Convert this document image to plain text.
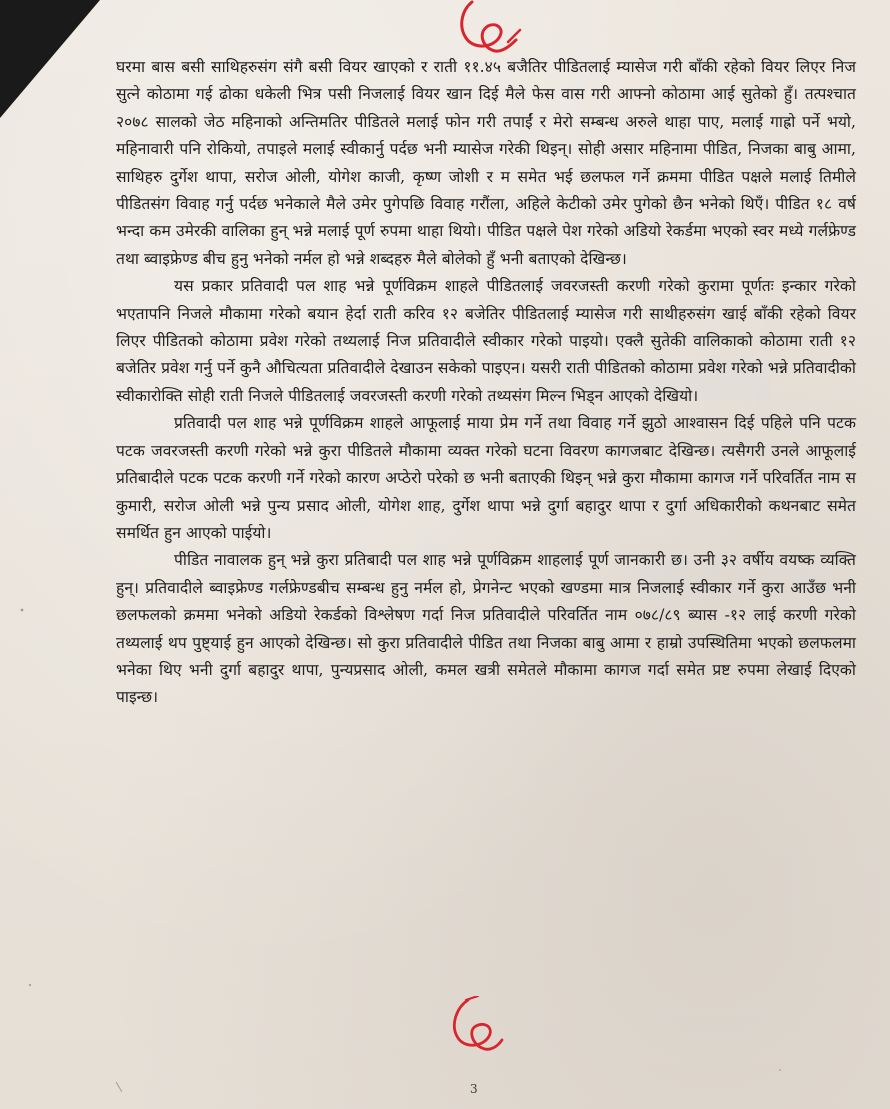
घरमा बास बसी साथिहरुसंग संगै बसी वियर खाएको र राती ११.४५ बजैतिर पीडितलाई म्यासेज गरी बाँकी रहेको वियर लिएर निज सुत्ने कोठामा गई ढोका धकेली भित्र पसी निजलाई वियर खान दिई मैले फेस वास गरी आफ्नो कोठामा आई सुतेको हुँ। तत्पश्चात २०७८ सालको जेठ महिनाको अन्तिमतिर पीडितले मलाई फोन गरी तपाईं र मेरो सम्बन्ध अरुले थाहा पाए, मलाई गाह्रो पर्ने भयो, महिनावारी पनि रोकियो, तपाइले मलाई स्वीकार्नु पर्दछ भनी म्यासेज गरेकी थिइन्। सोही असार महिनामा पीडित, निजका बाबु आमा, साथिहरु दुर्गेश थापा, सरोज ओली, योगेश काजी, कृष्ण जोशी र म समेत भई छलफल गर्ने क्रममा पीडित पक्षले मलाई तिमीले पीडितसंग विवाह गर्नु पर्दछ भनेकाले मैले उमेर पुगेपछि विवाह गरौंला, अहिले केटीको उमेर पुगेको छैन भनेको थिएँ। पीडित १८ वर्ष भन्दा कम उमेरकी वालिका हुन् भन्ने मलाई पूर्ण रुपमा थाहा थियो। पीडित पक्षले पेश गरेको अडियो रेकर्डमा भएको स्वर मध्ये गर्लफ्रेण्ड तथा ब्वाइफ्रेण्ड बीच हुनु भनेको नर्मल हो भन्ने शब्दहरु मैले बोलेको हुँ भनी बताएको देखिन्छ।

यस प्रकार प्रतिवादी पल शाह भन्ने पूर्णविक्रम शाहले पीडितलाई जवरजस्ती करणी गरेको कुरामा पूर्णतः इन्कार गरेको भएतापनि निजले मौकामा गरेको बयान हेर्दा राती करिव १२ बजेतिर पीडितलाई म्यासेज गरी साथीहरुसंग खाई बाँकी रहेको वियर लिएर पीडितको कोठामा प्रवेश गरेको तथ्यलाई निज प्रतिवादीले स्वीकार गरेको पाइयो। एक्लै सुतेकी वालिकाको कोठामा राती १२ बजेतिर प्रवेश गर्नु पर्ने कुनै औचित्यता प्रतिवादीले देखाउन सकेको पाइएन। यसरी राती पीडितको कोठामा प्रवेश गरेको भन्ने प्रतिवादीको स्वीकारोक्ति सोही राती निजले पीडितलाई जवरजस्ती करणी गरेको तथ्यसंग मिल्न भिड्न आएको देखियो।

प्रतिवादी पल शाह भन्ने पूर्णविक्रम शाहले आफूलाई माया प्रेम गर्ने तथा विवाह गर्ने झुठो आश्वासन दिई पहिले पनि पटक पटक जवरजस्ती करणी गरेको भन्ने कुरा पीडितले मौकामा व्यक्त गरेको घटना विवरण कागजबाट देखिन्छ। त्यसैगरी उनले आफूलाई प्रतिबादीले पटक पटक करणी गर्ने गरेको कारण अप्ठेरो परेको छ भनी बताएकी थिइन् भन्ने कुरा मौकामा कागज गर्ने परिवर्तित नाम स कुमारी, सरोज ओली भन्ने पुन्य प्रसाद ओली, योगेश शाह, दुर्गेश थापा भन्ने दुर्गा बहादुर थापा र दुर्गा अधिकारीको कथनबाट समेत समर्थित हुन आएको पाईयो।

पीडित नावालक हुन् भन्ने कुरा प्रतिबादी पल शाह भन्ने पूर्णविक्रम शाहलाई पूर्ण जानकारी छ। उनी ३२ वर्षीय वयष्क व्यक्ति हुन्। प्रतिवादीले ब्वाइफ्रेण्ड गर्लफ्रेण्डबीच सम्बन्ध हुनु नर्मल हो, प्रेगनेन्ट भएको खण्डमा मात्र निजलाई स्वीकार गर्ने कुरा आउँछ भनी छलफलको क्रममा भनेको अडियो रेकर्डको विश्लेषण गर्दा निज प्रतिवादीले परिवर्तित नाम ०७८/८९ ब्यास -१२ लाई करणी गरेको तथ्यलाई थप पुष्ट्याई हुन आएको देखिन्छ। सो कुरा प्रतिवादीले पीडित तथा निजका बाबु आमा र हाम्रो उपस्थितिमा भएको छलफलमा भनेका थिए भनी दुर्गा बहादुर थापा, पुन्यप्रसाद ओली, कमल खत्री समेतले मौकामा कागज गर्दा समेत प्रष्ट रुपमा लेखाई दिएको पाइन्छ।

3
